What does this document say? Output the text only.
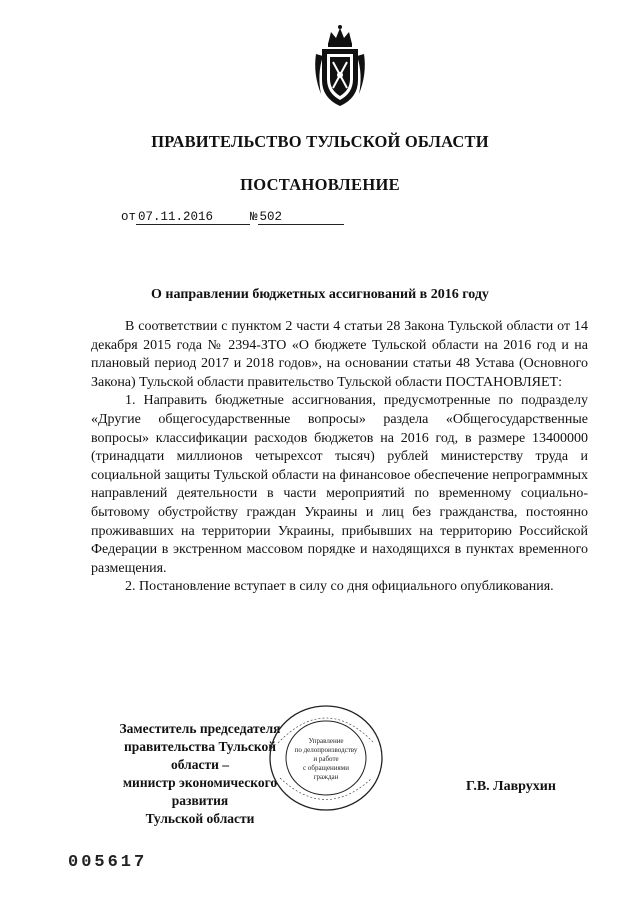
ПРАВИТЕЛЬСТВО ТУЛЬСКОЙ ОБЛАСТИ
ПОСТАНОВЛЕНИЕ
от 07.11.2016	№ 502
О направлении бюджетных ассигнований в 2016 году

В соответствии с пунктом 2 части 4 статьи 28 Закона Тульской области от 14 декабря 2015 года № 2394-ЗТО «О бюджете Тульской области на 2016 год и на плановый период 2017 и 2018 годов», на основании статьи 48 Устава (Основного Закона) Тульской области правительство Тульской области ПОСТАНОВЛЯЕТ:

1. Направить бюджетные ассигнования, предусмотренные по подразделу «Другие общегосударственные вопросы» раздела «Общегосударственные вопросы» классификации расходов бюджетов на 2016 год, в размере 13400000 (тринадцати миллионов четырехсот тысяч) рублей министерству труда и социальной защиты Тульской области на финансовое обеспечение непрограммных направлений деятельности в части мероприятий по временному социально-бытовому обустройству граждан Украины и лиц без гражданства, постоянно проживавших на территории Украины, прибывших на территорию Российской Федерации в экстренном массовом порядке и находящихся в пунктах временного размещения.

2. Постановление вступает в силу со дня официального опубликования.

Заместитель председателя
правительства Тульской области –
министр экономического развития
Тульской области
Управление
по делопроизводству
и работе
с обращениями
граждан
Г.В. Лаврухин
005617
